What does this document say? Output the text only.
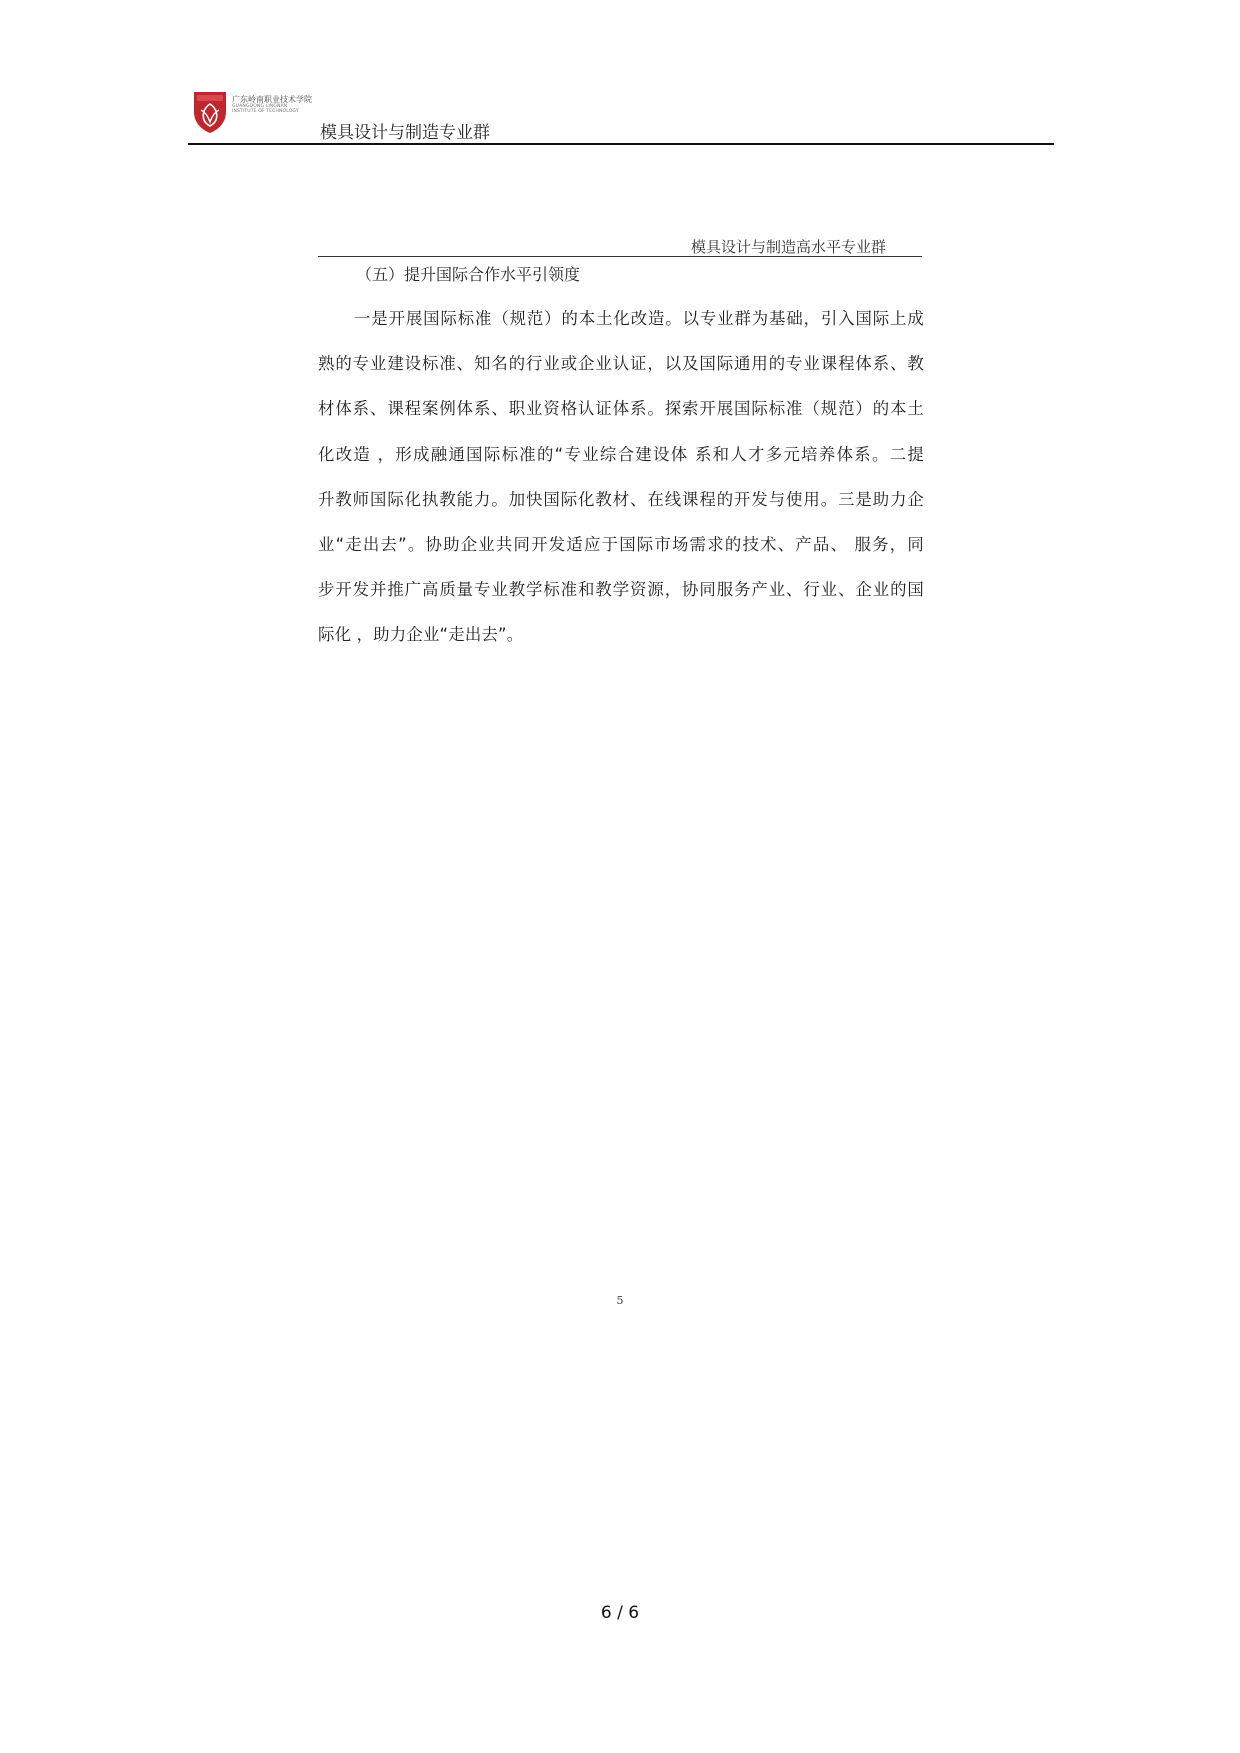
广东岭南职业技术学院
GUANGDONG LINGNAN INSTITUTE OF TECHNOLOGY
模具设计与制造专业群
模具设计与制造高水平专业群
（五）提升国际合作水平引领度
一是开展国际标准（规范）的本土化改造。以专业群为基础，引入国际上成
熟的专业建设标准、知名的行业或企业认证，以及国际通用的专业课程体系、教
材体系、课程案例体系、职业资格认证体系。探索开展国际标准（规范）的本土
化改造 ，形成融通国际标准的“专业综合建设体 系和人才多元培养体系。二提
升教师国际化执教能力。加快国际化教材、在线课程的开发与使用。三是助力企
业“走出去”。协助企业共同开发适应于国际市场需求的技术、产品、 服务，同
步开发并推广高质量专业教学标准和教学资源，协同服务产业、行业、企业的国
际化 ，助力企业“走出去”。
5
6 / 6
